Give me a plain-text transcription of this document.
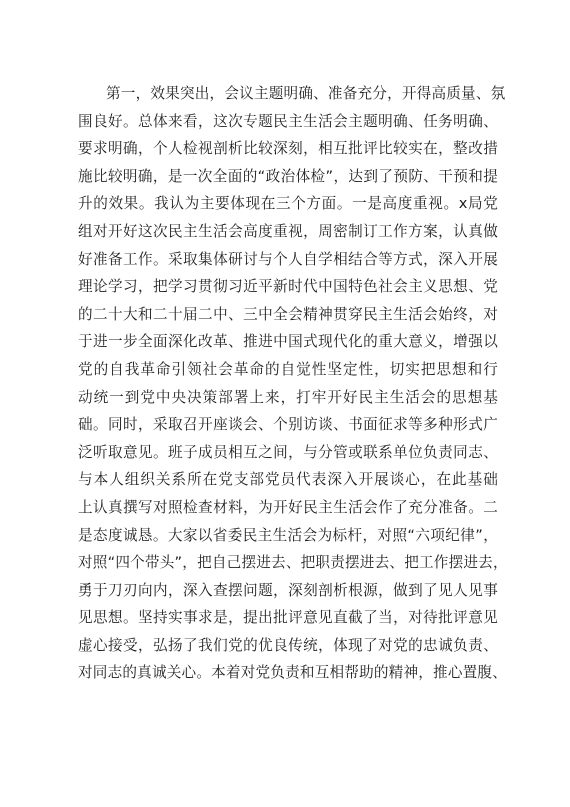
第一，效果突出，会议主题明确、准备充分，开得高质量、氛
围良好。总体来看，这次专题民主生活会主题明确、任务明确、
要求明确，个人检视剖析比较深刻，相互批评比较实在，整改措
施比较明确，是一次全面的“政治体检”，达到了预防、干预和提
升的效果。我认为主要体现在三个方面。一是高度重视。x局党
组对开好这次民主生活会高度重视，周密制订工作方案，认真做
好准备工作。采取集体研讨与个人自学相结合等方式，深入开展
理论学习，把学习贯彻习近平新时代中国特色社会主义思想、党
的二十大和二十届二中、三中全会精神贯穿民主生活会始终，对
于进一步全面深化改革、推进中国式现代化的重大意义，增强以
党的自我革命引领社会革命的自觉性坚定性，切实把思想和行
动统一到党中央决策部署上来，打牢开好民主生活会的思想基
础。同时，采取召开座谈会、个别访谈、书面征求等多种形式广
泛听取意见。班子成员相互之间，与分管或联系单位负责同志、
与本人组织关系所在党支部党员代表深入开展谈心，在此基础
上认真撰写对照检查材料，为开好民主生活会作了充分准备。二
是态度诚恳。大家以省委民主生活会为标杆，对照“六项纪律”，
对照“四个带头”，把自己摆进去、把职责摆进去、把工作摆进去，
勇于刀刃向内，深入查摆问题，深刻剖析根源，做到了见人见事
见思想。坚持实事求是，提出批评意见直截了当，对待批评意见
虚心接受，弘扬了我们党的优良传统，体现了对党的忠诚负责、
对同志的真诚关心。本着对党负责和互相帮助的精神，推心置腹、
